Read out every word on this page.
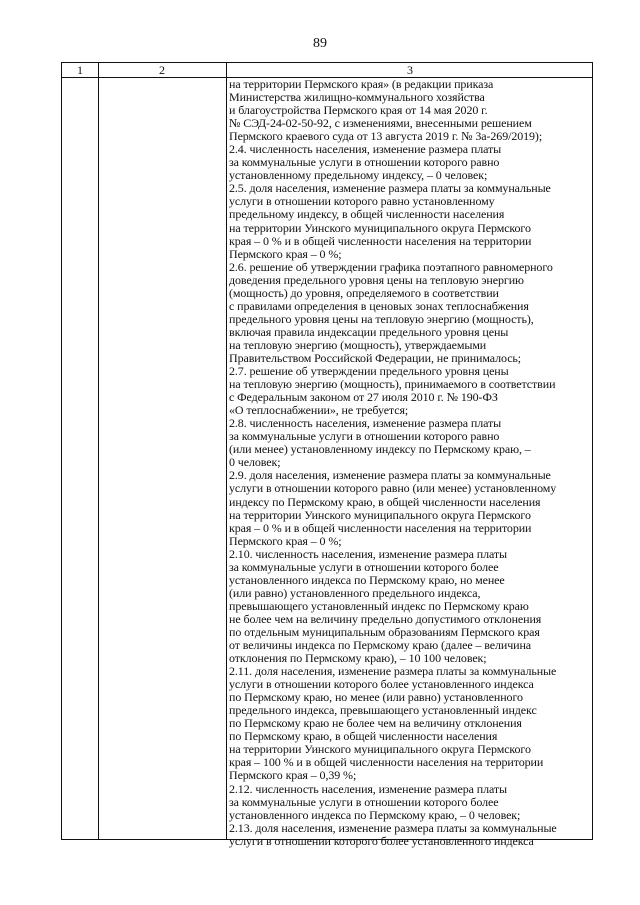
89
1	2	3
на территории Пермского края» (в редакции приказа
Министерства жилищно-коммунального хозяйства
и благоустройства Пермского края от 14 мая 2020 г.
№ СЭД-24-02-50-92, с изменениями, внесенными решением
Пермского краевого суда от 13 августа 2019 г. № 3а-269/2019);
2.4. численность населения, изменение размера платы
за коммунальные услуги в отношении которого равно
установленному предельному индексу, – 0 человек;
2.5. доля населения, изменение размера платы за коммунальные
услуги в отношении которого равно установленному
предельному индексу, в общей численности населения
на территории Уинского муниципального округа Пермского
края – 0 % и в общей численности населения на территории
Пермского края – 0 %;
2.6. решение об утверждении графика поэтапного равномерного
доведения предельного уровня цены на тепловую энергию
(мощность) до уровня, определяемого в соответствии
с правилами определения в ценовых зонах теплоснабжения
предельного уровня цены на тепловую энергию (мощность),
включая правила индексации предельного уровня цены
на тепловую энергию (мощность), утверждаемыми
Правительством Российской Федерации, не принималось;
2.7. решение об утверждении предельного уровня цены
на тепловую энергию (мощность), принимаемого в соответствии
с Федеральным законом от 27 июля 2010 г. № 190-ФЗ
«О теплоснабжении», не требуется;
2.8. численность населения, изменение размера платы
за коммунальные услуги в отношении которого равно
(или менее) установленному индексу по Пермскому краю, –
0 человек;
2.9. доля населения, изменение размера платы за коммунальные
услуги в отношении которого равно (или менее) установленному
индексу по Пермскому краю, в общей численности населения
на территории Уинского муниципального округа Пермского
края – 0 % и в общей численности населения на территории
Пермского края – 0 %;
2.10. численность населения, изменение размера платы
за коммунальные услуги в отношении которого более
установленного индекса по Пермскому краю, но менее
(или равно) установленного предельного индекса,
превышающего установленный индекс по Пермскому краю
не более чем на величину предельно допустимого отклонения
по отдельным муниципальным образованиям Пермского края
от величины индекса по Пермскому краю (далее – величина
отклонения по Пермскому краю), – 10 100 человек;
2.11. доля населения, изменение размера платы за коммунальные
услуги в отношении которого более установленного индекса
по Пермскому краю, но менее (или равно) установленного
предельного индекса, превышающего установленный индекс
по Пермскому краю не более чем на величину отклонения
по Пермскому краю, в общей численности населения
на территории Уинского муниципального округа Пермского
края – 100 % и в общей численности населения на территории
Пермского края – 0,39 %;
2.12. численность населения, изменение размера платы
за коммунальные услуги в отношении которого более
установленного индекса по Пермскому краю, – 0 человек;
2.13. доля населения, изменение размера платы за коммунальные
услуги в отношении которого более установленного индекса
